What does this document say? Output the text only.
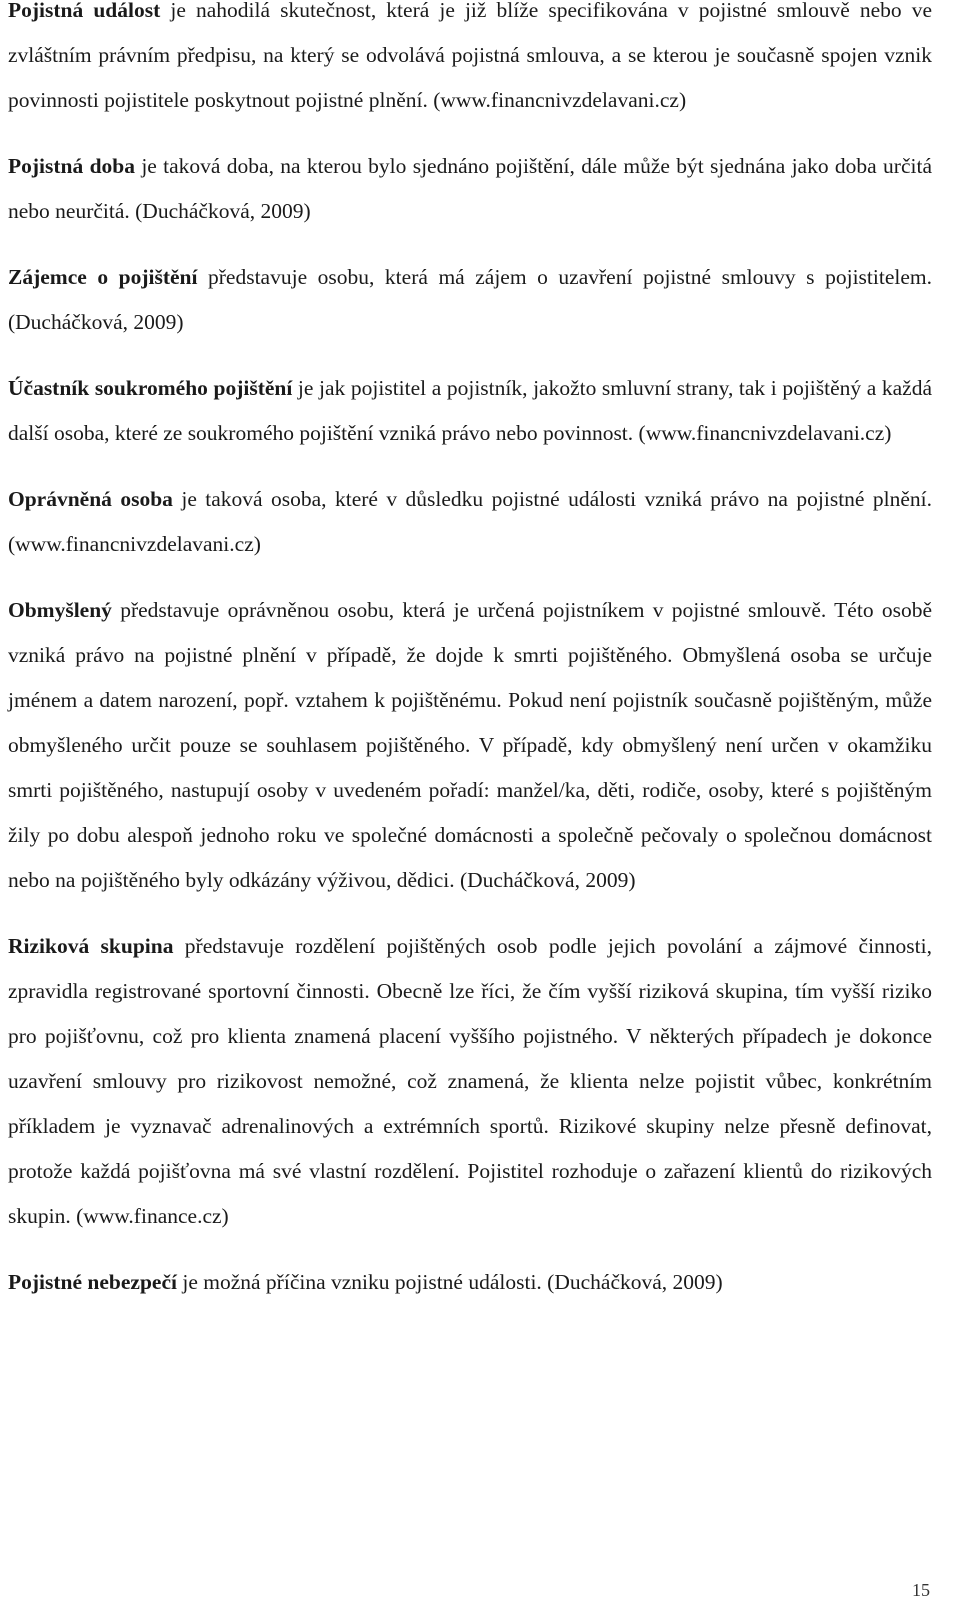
Pojistná událost je nahodilá skutečnost, která je již blíže specifikována v pojistné smlouvě nebo ve zvláštním právním předpisu, na který se odvolává pojistná smlouva, a se kterou je současně spojen vznik povinnosti pojistitele poskytnout pojistné plnění. (www.financnivzdelavani.cz)

Pojistná doba je taková doba, na kterou bylo sjednáno pojištění, dále může být sjednána jako doba určitá nebo neurčitá. (Ducháčková, 2009)

Zájemce o pojištění představuje osobu, která má zájem o uzavření pojistné smlouvy s pojistitelem. (Ducháčková, 2009)

Účastník soukromého pojištění je jak pojistitel a pojistník, jakožto smluvní strany, tak i pojištěný a každá další osoba, které ze soukromého pojištění vzniká právo nebo povinnost. (www.financnivzdelavani.cz)

Oprávněná osoba je taková osoba, které v důsledku pojistné události vzniká právo na pojistné plnění. (www.financnivzdelavani.cz)

Obmyšlený představuje oprávněnou osobu, která je určená pojistníkem v pojistné smlouvě. Této osobě vzniká právo na pojistné plnění v případě, že dojde k smrti pojištěného. Obmyšlená osoba se určuje jménem a datem narození, popř. vztahem k pojištěnému. Pokud není pojistník současně pojištěným, může obmyšleného určit pouze se souhlasem pojištěného. V případě, kdy obmyšlený není určen v okamžiku smrti pojištěného, nastupují osoby v uvedeném pořadí: manžel/ka, děti, rodiče, osoby, které s pojištěným žily po dobu alespoň jednoho roku ve společné domácnosti a společně pečovaly o společnou domácnost nebo na pojištěného byly odkázány výživou, dědici. (Ducháčková, 2009)

Riziková skupina představuje rozdělení pojištěných osob podle jejich povolání a zájmové činnosti, zpravidla registrované sportovní činnosti. Obecně lze říci, že čím vyšší riziková skupina, tím vyšší riziko pro pojišťovnu, což pro klienta znamená placení vyššího pojistného. V některých případech je dokonce uzavření smlouvy pro rizikovost nemožné, což znamená, že klienta nelze pojistit vůbec, konkrétním příkladem je vyznavač adrenalinových a extrémních sportů. Rizikové skupiny nelze přesně definovat, protože každá pojišťovna má své vlastní rozdělení. Pojistitel rozhoduje o zařazení klientů do rizikových skupin. (www.finance.cz)

Pojistné nebezpečí je možná příčina vzniku pojistné události. (Ducháčková, 2009)

15
